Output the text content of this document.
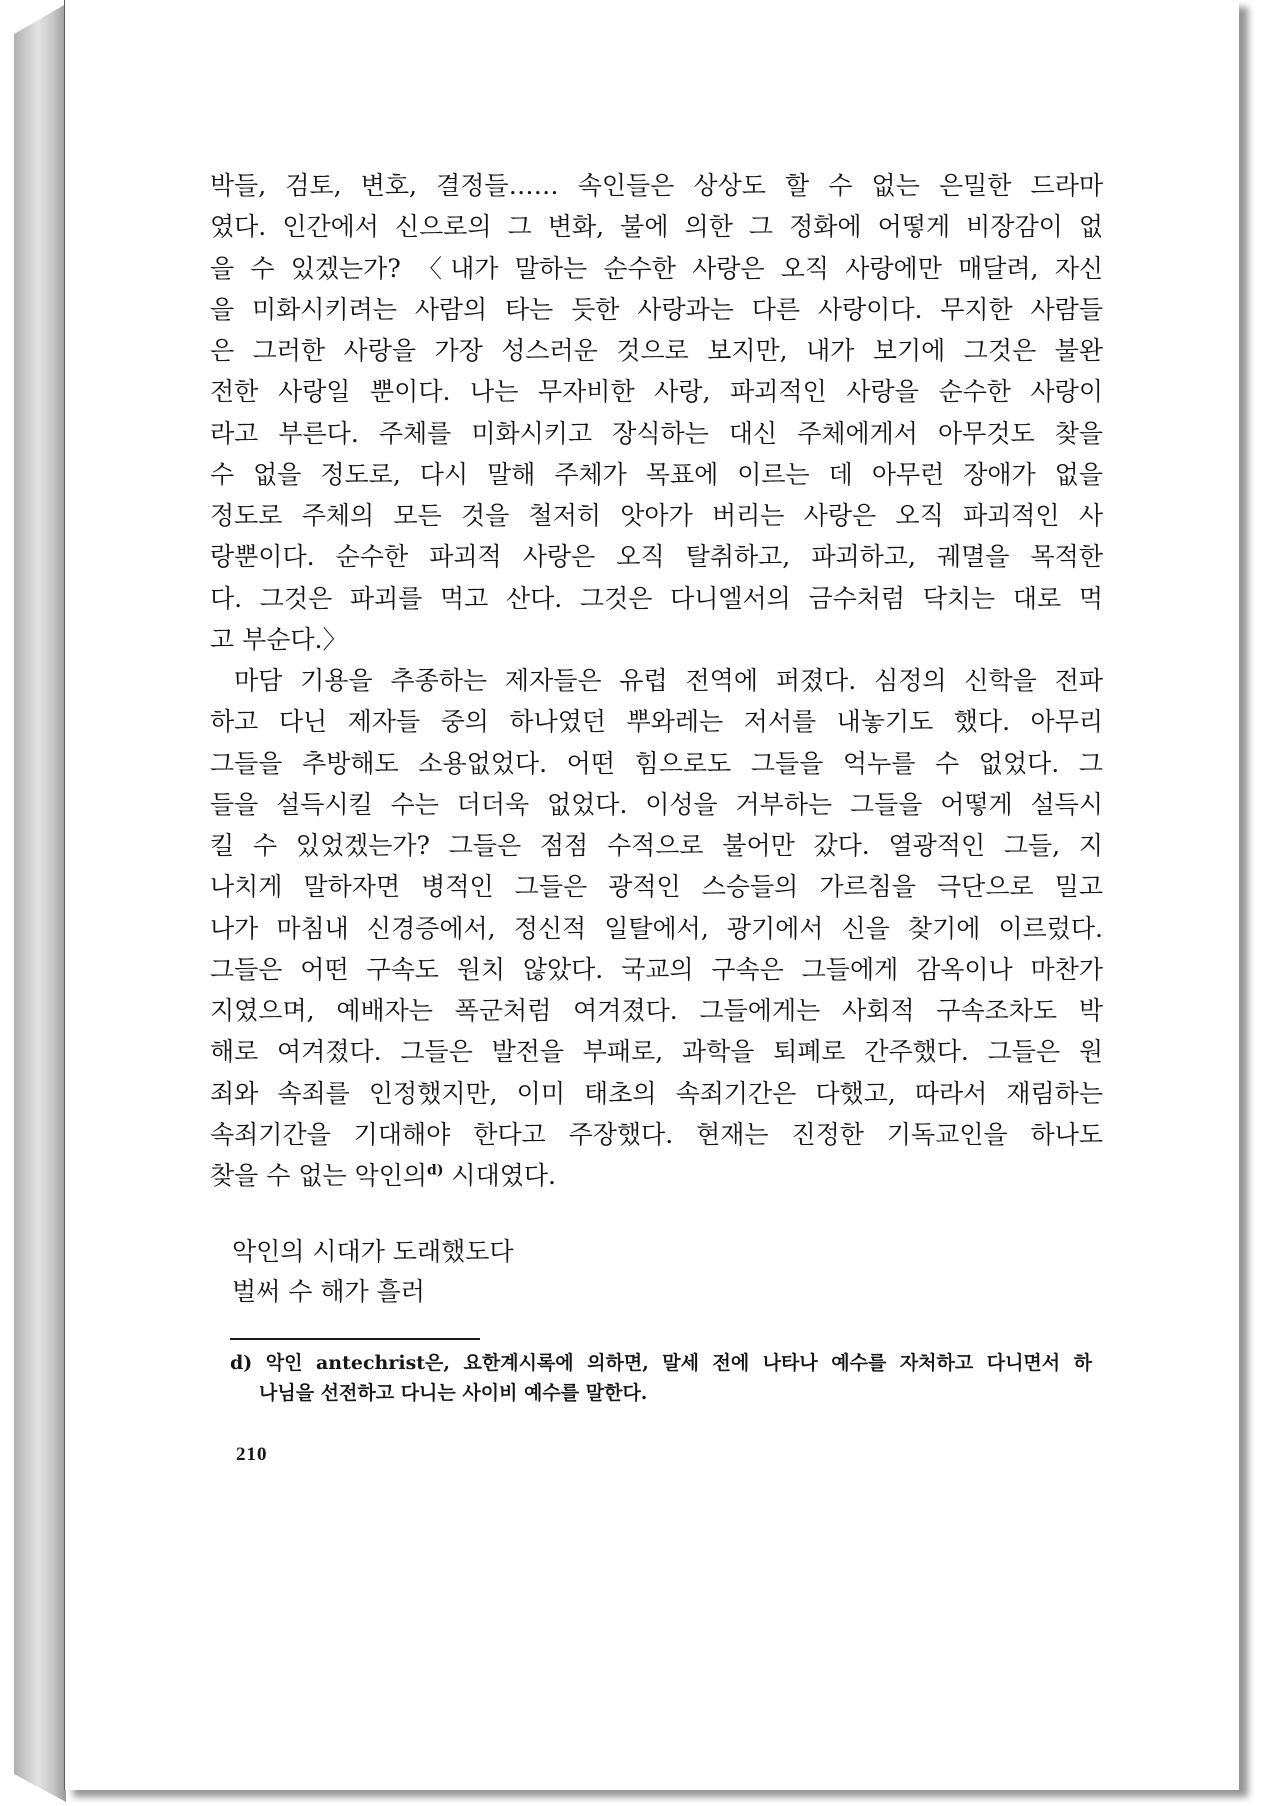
박들, 검토, 변호, 결정들…… 속인들은 상상도 할 수 없는 은밀한 드라마
였다. 인간에서 신으로의 그 변화, 불에 의한 그 정화에 어떻게 비장감이 없
을 수 있겠는가? 〈내가 말하는 순수한 사랑은 오직 사랑에만 매달려, 자신
을 미화시키려는 사람의 타는 듯한 사랑과는 다른 사랑이다. 무지한 사람들
은 그러한 사랑을 가장 성스러운 것으로 보지만, 내가 보기에 그것은 불완
전한 사랑일 뿐이다. 나는 무자비한 사랑, 파괴적인 사랑을 순수한 사랑이
라고 부른다. 주체를 미화시키고 장식하는 대신 주체에게서 아무것도 찾을
수 없을 정도로, 다시 말해 주체가 목표에 이르는 데 아무런 장애가 없을
정도로 주체의 모든 것을 철저히 앗아가 버리는 사랑은 오직 파괴적인 사
랑뿐이다. 순수한 파괴적 사랑은 오직 탈취하고, 파괴하고, 궤멸을 목적한
다. 그것은 파괴를 먹고 산다. 그것은 다니엘서의 금수처럼 닥치는 대로 먹
고 부순다.〉
마담 기용을 추종하는 제자들은 유럽 전역에 퍼졌다. 심정의 신학을 전파
하고 다닌 제자들 중의 하나였던 뿌와레는 저서를 내놓기도 했다. 아무리
그들을 추방해도 소용없었다. 어떤 힘으로도 그들을 억누를 수 없었다. 그
들을 설득시킬 수는 더더욱 없었다. 이성을 거부하는 그들을 어떻게 설득시
킬 수 있었겠는가? 그들은 점점 수적으로 불어만 갔다. 열광적인 그들, 지
나치게 말하자면 병적인 그들은 광적인 스승들의 가르침을 극단으로 밀고
나가 마침내 신경증에서, 정신적 일탈에서, 광기에서 신을 찾기에 이르렀다.
그들은 어떤 구속도 원치 않았다. 국교의 구속은 그들에게 감옥이나 마찬가
지였으며, 예배자는 폭군처럼 여겨졌다. 그들에게는 사회적 구속조차도 박
해로 여겨졌다. 그들은 발전을 부패로, 과학을 퇴폐로 간주했다. 그들은 원
죄와 속죄를 인정했지만, 이미 태초의 속죄기간은 다했고, 따라서 재림하는
속죄기간을 기대해야 한다고 주장했다. 현재는 진정한 기독교인을 하나도
찾을 수 없는 악인의$^{d)}$ 시대였다.
악인의 시대가 도래했도다
벌써 수 해가 흘러
d) 악인 antechrist은, 요한계시록에 의하면, 말세 전에 나타나 예수를 자처하고 다니면서 하
나님을 선전하고 다니는 사이비 예수를 말한다.
210
